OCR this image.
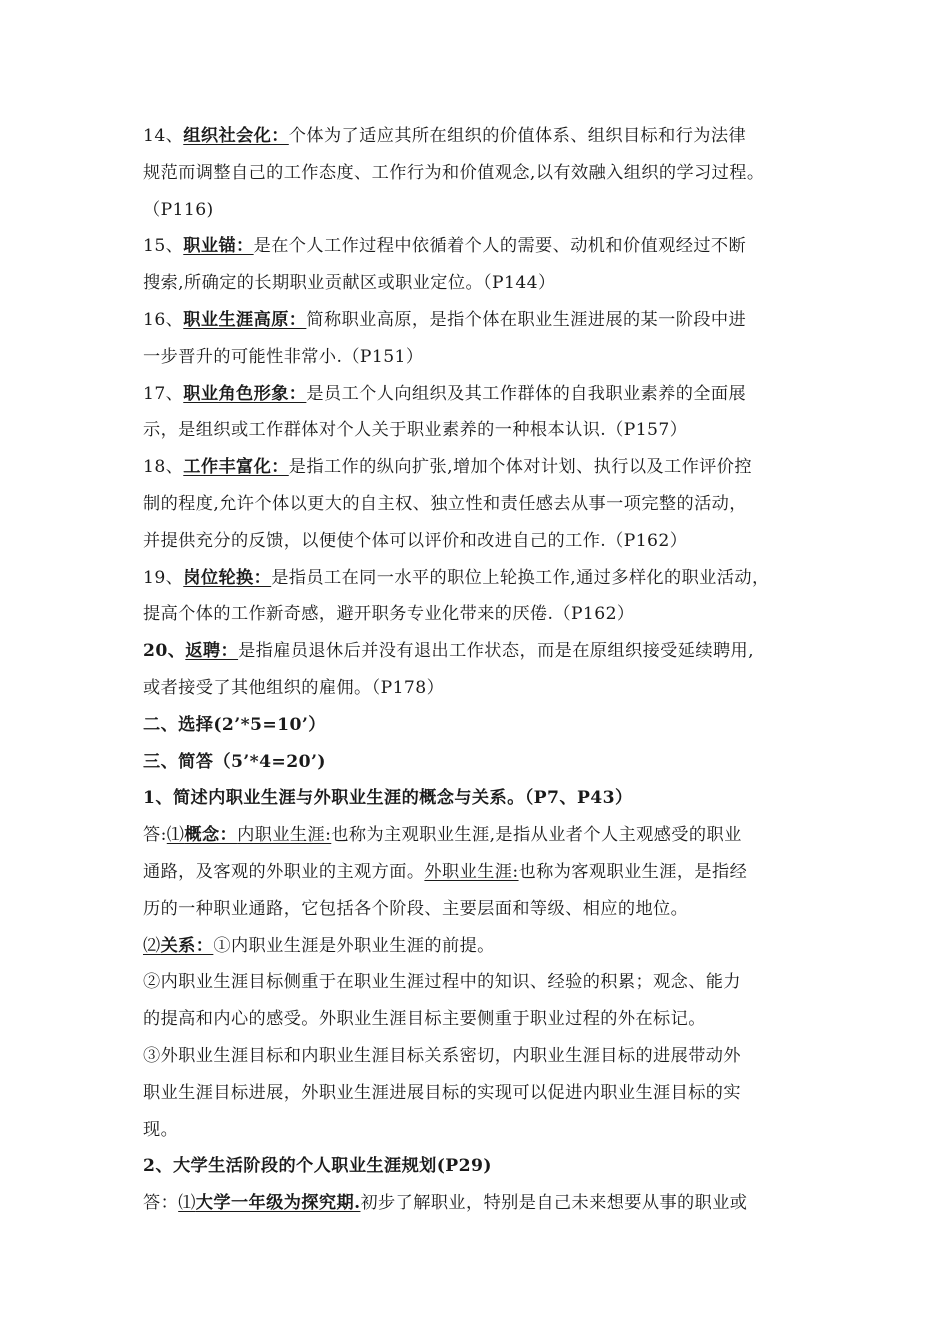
14、组织社会化：个体为了适应其所在组织的价值体系、组织目标和行为法律
规范而调整自己的工作态度、工作行为和价值观念,以有效融入组织的学习过程。
（P116)
15、职业锚：是在个人工作过程中依循着个人的需要、动机和价值观经过不断
搜索,所确定的长期职业贡献区或职业定位。（P144）
16、职业生涯高原：简称职业高原，是指个体在职业生涯进展的某一阶段中进
一步晋升的可能性非常小.（P151）
17、职业角色形象：是员工个人向组织及其工作群体的自我职业素养的全面展
示，是组织或工作群体对个人关于职业素养的一种根本认识.（P157）
18、工作丰富化：是指工作的纵向扩张,增加个体对计划、执行以及工作评价控
制的程度,允许个体以更大的自主权、独立性和责任感去从事一项完整的活动，
并提供充分的反馈，以便使个体可以评价和改进自己的工作.（P162）
19、岗位轮换：是指员工在同一水平的职位上轮换工作,通过多样化的职业活动，
提高个体的工作新奇感，避开职务专业化带来的厌倦.（P162）
20、返聘：是指雇员退休后并没有退出工作状态，而是在原组织接受延续聘用,
或者接受了其他组织的雇佣。（P178）
二、选择(2’*5=10’）
三、简答（5’*4=20’)
1、简述内职业生涯与外职业生涯的概念与关系。（P7、P43）
答:⑴概念：内职业生涯:也称为主观职业生涯,是指从业者个人主观感受的职业
通路，及客观的外职业的主观方面。外职业生涯:也称为客观职业生涯，是指经
历的一种职业通路，它包括各个阶段、主要层面和等级、相应的地位。
⑵关系：①内职业生涯是外职业生涯的前提。
②内职业生涯目标侧重于在职业生涯过程中的知识、经验的积累；观念、能力
的提高和内心的感受。外职业生涯目标主要侧重于职业过程的外在标记。
③外职业生涯目标和内职业生涯目标关系密切，内职业生涯目标的进展带动外
职业生涯目标进展，外职业生涯进展目标的实现可以促进内职业生涯目标的实
现。
2、大学生活阶段的个人职业生涯规划(P29)
答：⑴大学一年级为探究期.初步了解职业，特别是自己未来想要从事的职业或
